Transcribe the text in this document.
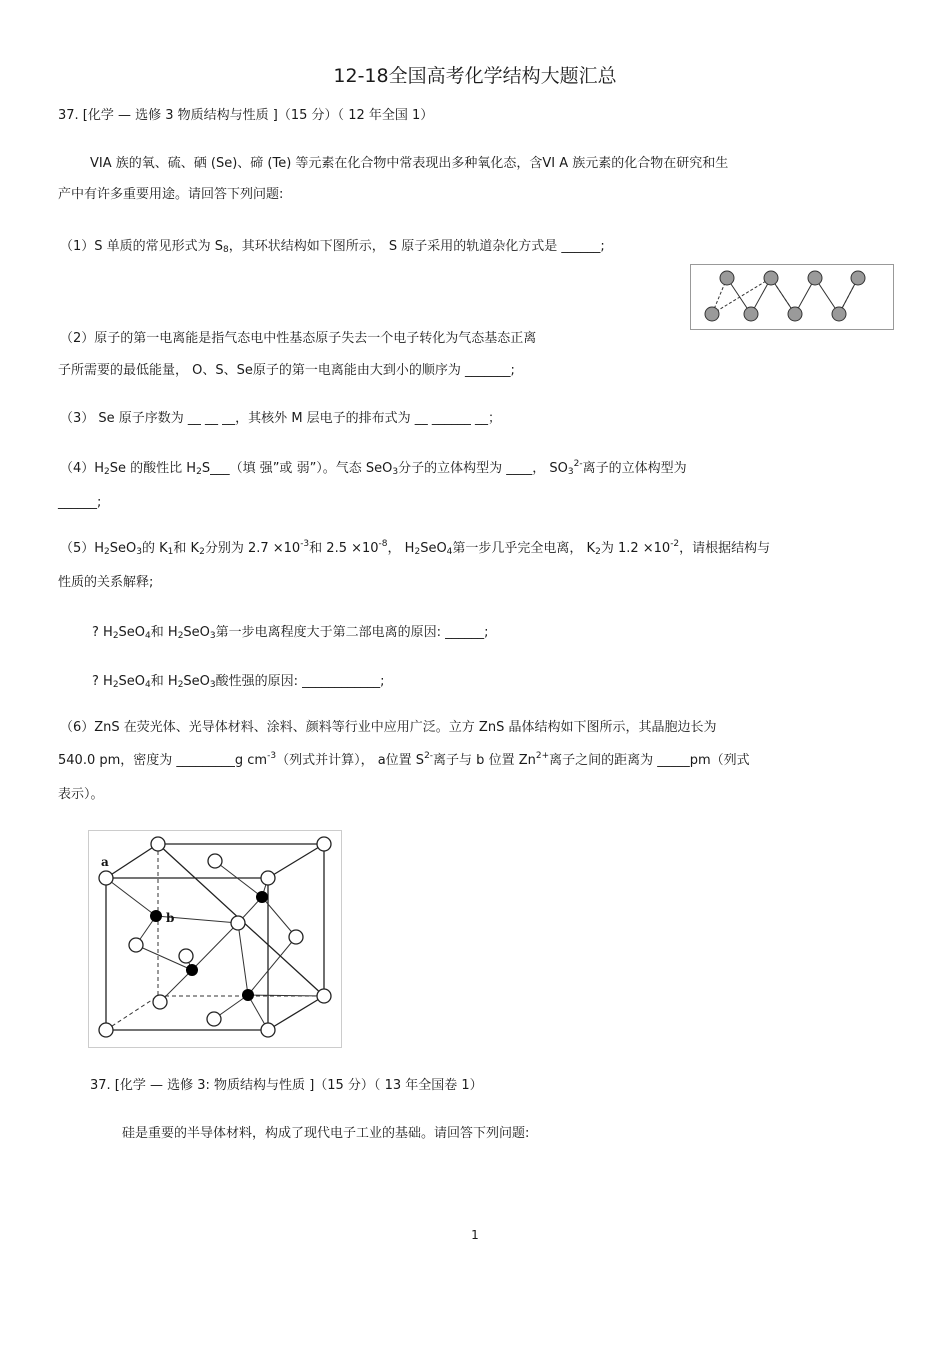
12-18全国高考化学结构大题汇总
37. [化学 — 选修 3 物质结构与性质 ]（15 分）（ 12 年全国 1）
VIA 族的氧、硫、硒 (Se)、碲 (Te) 等元素在化合物中常表现出多种氧化态，含VI A 族元素的化合物在研究和生
产中有许多重要用途。请回答下列问题:
（1）S 单质的常见形式为 $S_8$，其环状结构如下图所示， S 原子采用的轨道杂化方式是 ______;
（2）原子的第一电离能是指气态电中性基态原子失去一个电子转化为气态基态正离
子所需要的最低能量， O、S、Se原子的第一电离能由大到小的顺序为 _______;
（3） Se 原子序数为 __ __ __，其核外 M 层电子的排布式为 __ ______ __；
$(4)H_2Se$ 的酸性比 $H_2S\_\_\_$（填 强”或 弱”）。气态 SeO$_3$分子的立体构型为 ____， $SO_3^{2-}$离子的立体构型为
______;
$(5)H_2SeO_3$的 $K_1$和 $K_2$分别为 $2.7 \times 10^{-3}$和 $2.5 \times 10^{-8}$， $H_2SeO_4$第一步几乎完全电离， $K_2$为 $1.2 \times 10^{-2}$，请根据结构与
性质的关系解释;
? $H_2SeO_4$和 $H_2SeO_3$第一步电离程度大于第二部电离的原因: ______;
? $H_2SeO_4$和 $H_2SeO_3$酸性强的原因: ____________;
（6）ZnS 在荧光体、光导体材料、涂料、颜料等行业中应用广泛。立方 ZnS 晶体结构如下图所示，其晶胞边长为
540.0 pm，密度为 _________g $cm^{-3}$（列式并计算）， a位置 $S^{2-}$离子与 b 位置 $Zn^{2+}$离子之间的距离为 _____pm（列式
表示）。
a
b
37. [化学 — 选修 3: 物质结构与性质 ]（15 分）（ 13 年全国卷 1）
硅是重要的半导体材料，构成了现代电子工业的基础。请回答下列问题:
1
